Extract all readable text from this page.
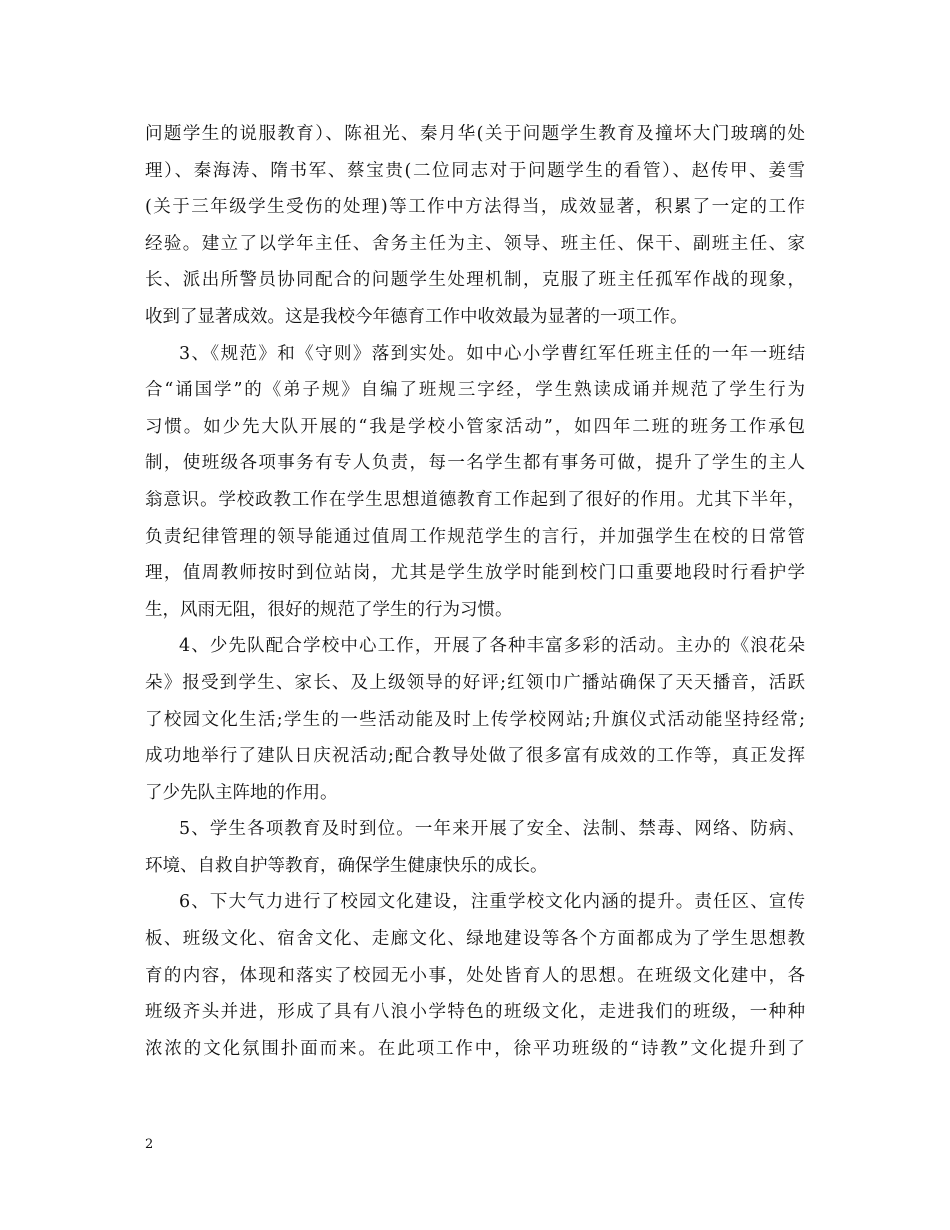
问题学生的说服教育）、陈祖光、秦月华(关于问题学生教育及撞坏大门玻璃的处
理）、秦海涛、隋书军、蔡宝贵(二位同志对于问题学生的看管）、赵传甲、姜雪
(关于三年级学生受伤的处理)等工作中方法得当，成效显著，积累了一定的工作
经验。建立了以学年主任、舍务主任为主、领导、班主任、保干、副班主任、家
长、派出所警员协同配合的问题学生处理机制，克服了班主任孤军作战的现象，
收到了显著成效。这是我校今年德育工作中收效最为显著的一项工作。
3、《规范》和《守则》落到实处。如中心小学曹红军任班主任的一年一班结
合“诵国学”的《弟子规》自编了班规三字经，学生熟读成诵并规范了学生行为
习惯。如少先大队开展的“我是学校小管家活动”，如四年二班的班务工作承包
制，使班级各项事务有专人负责，每一名学生都有事务可做，提升了学生的主人
翁意识。学校政教工作在学生思想道德教育工作起到了很好的作用。尤其下半年，
负责纪律管理的领导能通过值周工作规范学生的言行，并加强学生在校的日常管
理，值周教师按时到位站岗，尤其是学生放学时能到校门口重要地段时行看护学
生，风雨无阻，很好的规范了学生的行为习惯。
4、少先队配合学校中心工作，开展了各种丰富多彩的活动。主办的《浪花朵
朵》报受到学生、家长、及上级领导的好评;红领巾广播站确保了天天播音，活跃
了校园文化生活;学生的一些活动能及时上传学校网站;升旗仪式活动能坚持经常;
成功地举行了建队日庆祝活动;配合教导处做了很多富有成效的工作等，真正发挥
了少先队主阵地的作用。
5、学生各项教育及时到位。一年来开展了安全、法制、禁毒、网络、防病、
环境、自救自护等教育，确保学生健康快乐的成长。
6、下大气力进行了校园文化建设，注重学校文化内涵的提升。责任区、宣传
板、班级文化、宿舍文化、走廊文化、绿地建设等各个方面都成为了学生思想教
育的内容，体现和落实了校园无小事，处处皆育人的思想。在班级文化建中，各
班级齐头并进，形成了具有八浪小学特色的班级文化，走进我们的班级，一种种
浓浓的文化氛围扑面而来。在此项工作中，徐平功班级的“诗教”文化提升到了
2
